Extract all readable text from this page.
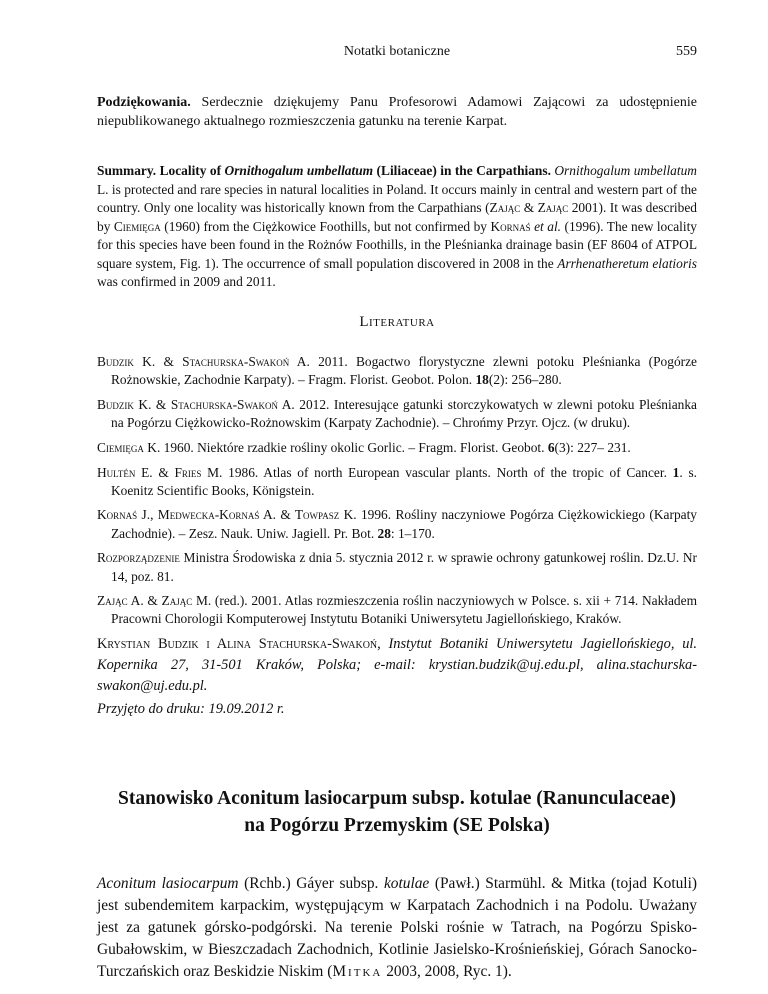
Notatki botaniczne	559

Podziękowania. Serdecznie dziękujemy Panu Profesorowi Adamowi Zającowi za udostępnienie niepublikowanego aktualnego rozmieszczenia gatunku na terenie Karpat.

Summary. Locality of Ornithogalum umbellatum (Liliaceae) in the Carpathians. Ornithogalum umbellatum L. is protected and rare species in natural localities in Poland. It occurs mainly in central and western part of the country. Only one locality was historically known from the Carpathians (Zając & Zając 2001). It was described by Ciemięga (1960) from the Ciężkowice Foothills, but not confirmed by Kornaś et al. (1996). The new locality for this species have been found in the Rożnów Foothills, in the Pleśnianka drainage basin (EF 8604 of ATPOL square system, Fig. 1). The occurrence of small population discovered in 2008 in the Arrhenatheretum elatioris was confirmed in 2009 and 2011.

Literatura

Budzik K. & Stachurska-Swakoń A. 2011. Bogactwo florystyczne zlewni potoku Pleśnianka (Pogórze Rożnowskie, Zachodnie Karpaty). – Fragm. Florist. Geobot. Polon. 18(2): 256–280.

Budzik K. & Stachurska-Swakoń A. 2012. Interesujące gatunki storczykowatych w zlewni potoku Pleśnianka na Pogórzu Ciężkowicko-Rożnowskim (Karpaty Zachodnie). – Chrońmy Przyr. Ojcz. (w druku).

Ciemięga K. 1960. Niektóre rzadkie rośliny okolic Gorlic. – Fragm. Florist. Geobot. 6(3): 227– 231.

Hultén E. & Fries M. 1986. Atlas of north European vascular plants. North of the tropic of Cancer. 1. s. Koenitz Scientific Books, Königstein.

Kornaś J., Medwecka-Kornaś A. & Towpasz K. 1996. Rośliny naczyniowe Pogórza Ciężkowickiego (Karpaty Zachodnie). – Zesz. Nauk. Uniw. Jagiell. Pr. Bot. 28: 1–170.

Rozporządzenie Ministra Środowiska z dnia 5. stycznia 2012 r. w sprawie ochrony gatunkowej roślin. Dz.U. Nr 14, poz. 81.

Zając A. & Zając M. (red.). 2001. Atlas rozmieszczenia roślin naczyniowych w Polsce. s. xii + 714. Nakładem Pracowni Chorologii Komputerowej Instytutu Botaniki Uniwersytetu Jagiellońskiego, Kraków.

Krystian Budzik i Alina Stachurska-Swakoń, Instytut Botaniki Uniwersytetu Jagiellońskiego, ul. Kopernika 27, 31-501 Kraków, Polska; e-mail: krystian.budzik@uj.edu.pl, alina.stachurska-swakon@uj.edu.pl.

Przyjęto do druku: 19.09.2012 r.
Stanowisko Aconitum lasiocarpum subsp. kotulae (Ranunculaceae)
na Pogórzu Przemyskim (SE Polska)

Aconitum lasiocarpum (Rchb.) Gáyer subsp. kotulae (Pawł.) Starmühl. & Mitka (tojad Kotuli) jest subendemitem karpackim, występującym w Karpatach Zachodnich i na Podolu. Uważany jest za gatunek górsko-podgórski. Na terenie Polski rośnie w Tatrach, na Pogórzu Spisko-Gubałowskim, w Bieszczadach Zachodnich, Kotlinie Jasielsko-Krośnieńskiej, Górach Sanocko-Turczańskich oraz Beskidzie Niskim (Mitka 2003, 2008, Ryc. 1).
